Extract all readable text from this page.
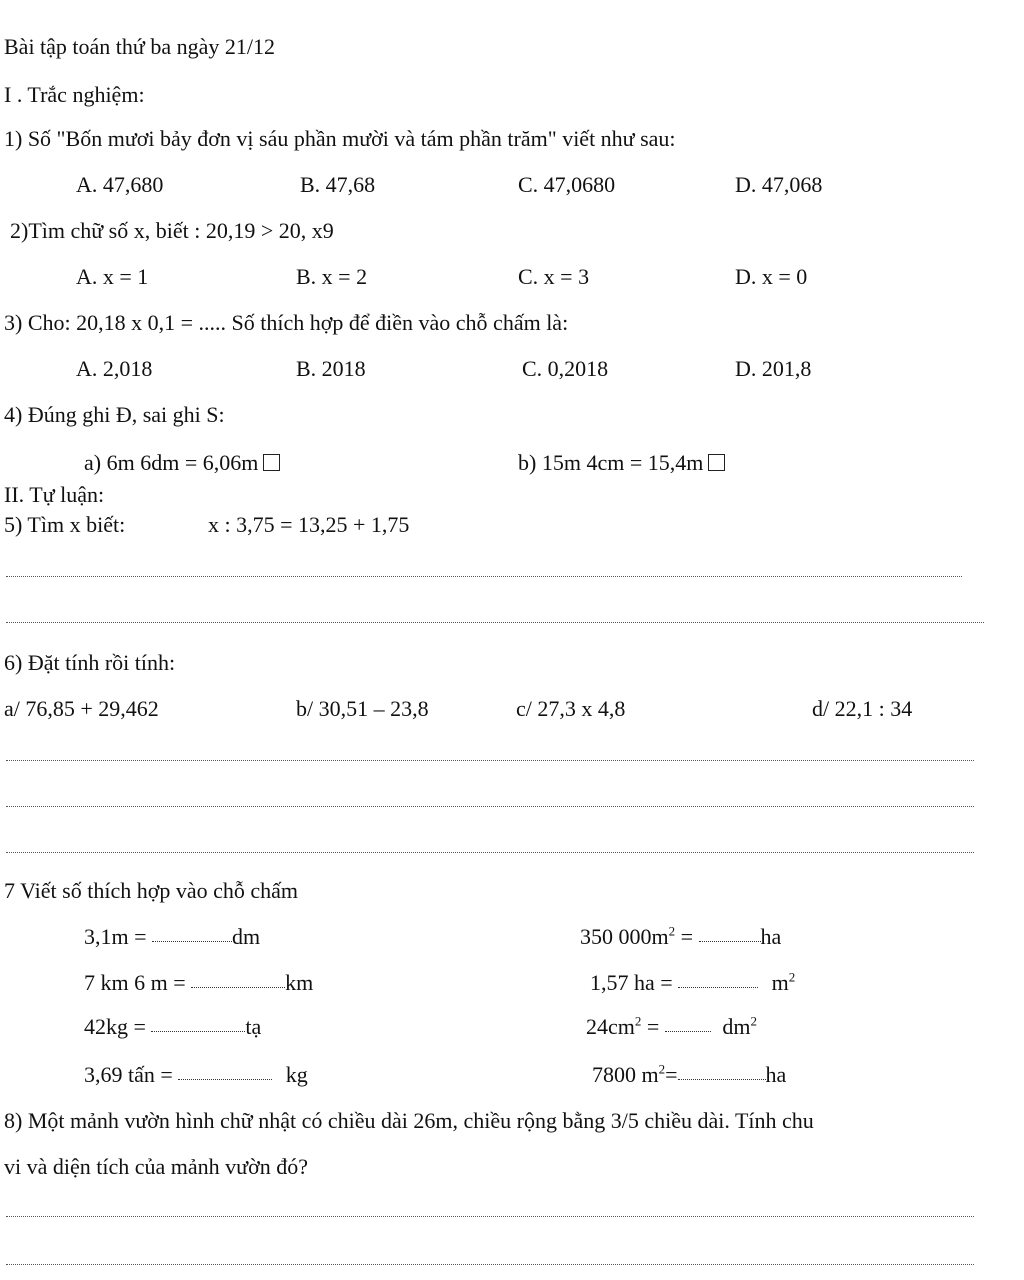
Bài tập toán thứ ba ngày 21/12
I . Trắc nghiệm:
1) Số "Bốn mươi bảy đơn vị sáu phần mười và tám phần trăm" viết như sau:
A. 47,680	B. 47,68	C. 47,0680	D. 47,068
2)Tìm chữ số x, biết : 20,19 > 20, x9
A. x = 1	B. x = 2	C. x = 3	D. x = 0
3) Cho: 20,18 x 0,1 = ..... Số thích hợp để điền vào chỗ chấm là:
A. 2,018	B. 2018	C. 0,2018	D. 201,8
4) Đúng ghi Đ, sai ghi S:
a) 6m 6dm = 6,06m	b) 15m 4cm = 15,4m
II. Tự luận:
5) Tìm x biết:	x : 3,75 = 13,25 + 1,75
6) Đặt tính rồi tính:
a/ 76,85 + 29,462	b/ 30,51 – 23,8	c/ 27,3 x 4,8	d/ 22,1 : 34
7 Viết số thích hợp vào chỗ chấm
3,1m =	dm	350 $000m^2$ =	ha
7 km 6 m =	km	1,57 ha =	$m^2$
42kg =	tạ	$24cm^2$ =	$dm^2$
3,69 tấn =	kg	7800 $m^2=$	ha
8) Một mảnh vườn hình chữ nhật có chiều dài 26m, chiều rộng bằng 3/5 chiều dài. Tính chu
vi và diện tích của mảnh vườn đó?
